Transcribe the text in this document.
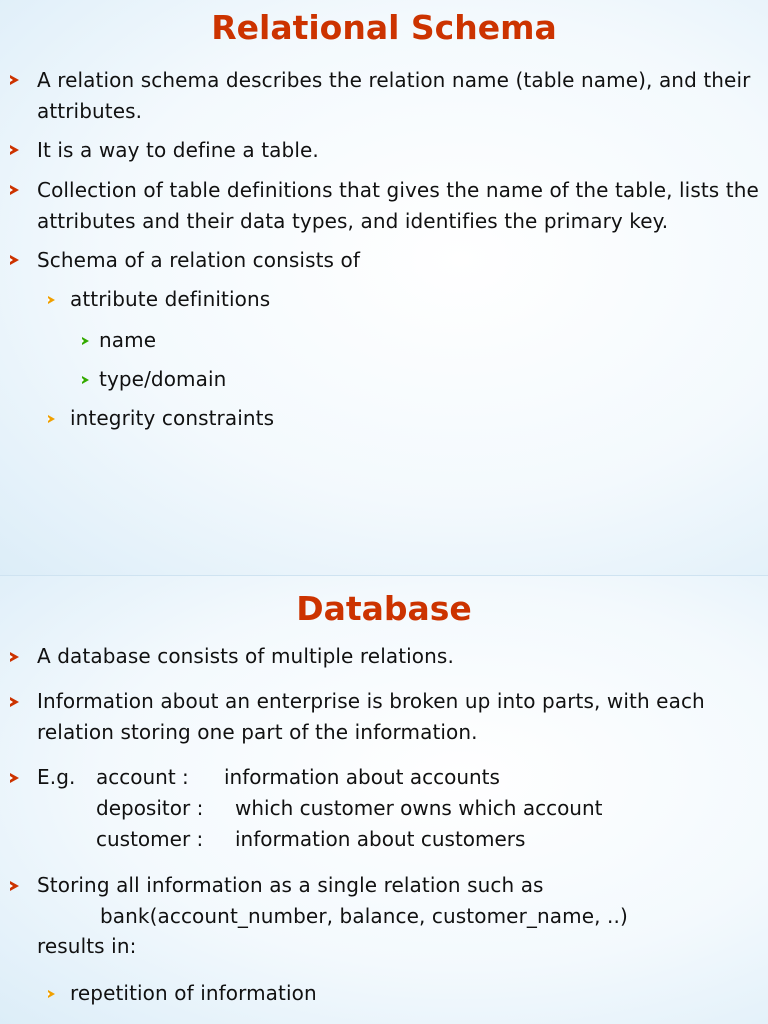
Relational Schema
A relation schema describes the relation name (table name), and their attributes.
It is a way to define a table.
Collection of table definitions that gives the name of the table, lists the attributes and their data types, and identifies the primary key.
Schema of a relation consists of
attribute definitions
name
type/domain
integrity constraints
Database
A database consists of multiple relations.
Information about an enterprise is broken up into parts, with each relation storing one part of the information.
E.g. account : information about accounts
depositor : which customer owns which account
customer : information about customers
Storing all information as a single relation such as
bank(account_number, balance, customer_name, ..)
results in:
repetition of information
